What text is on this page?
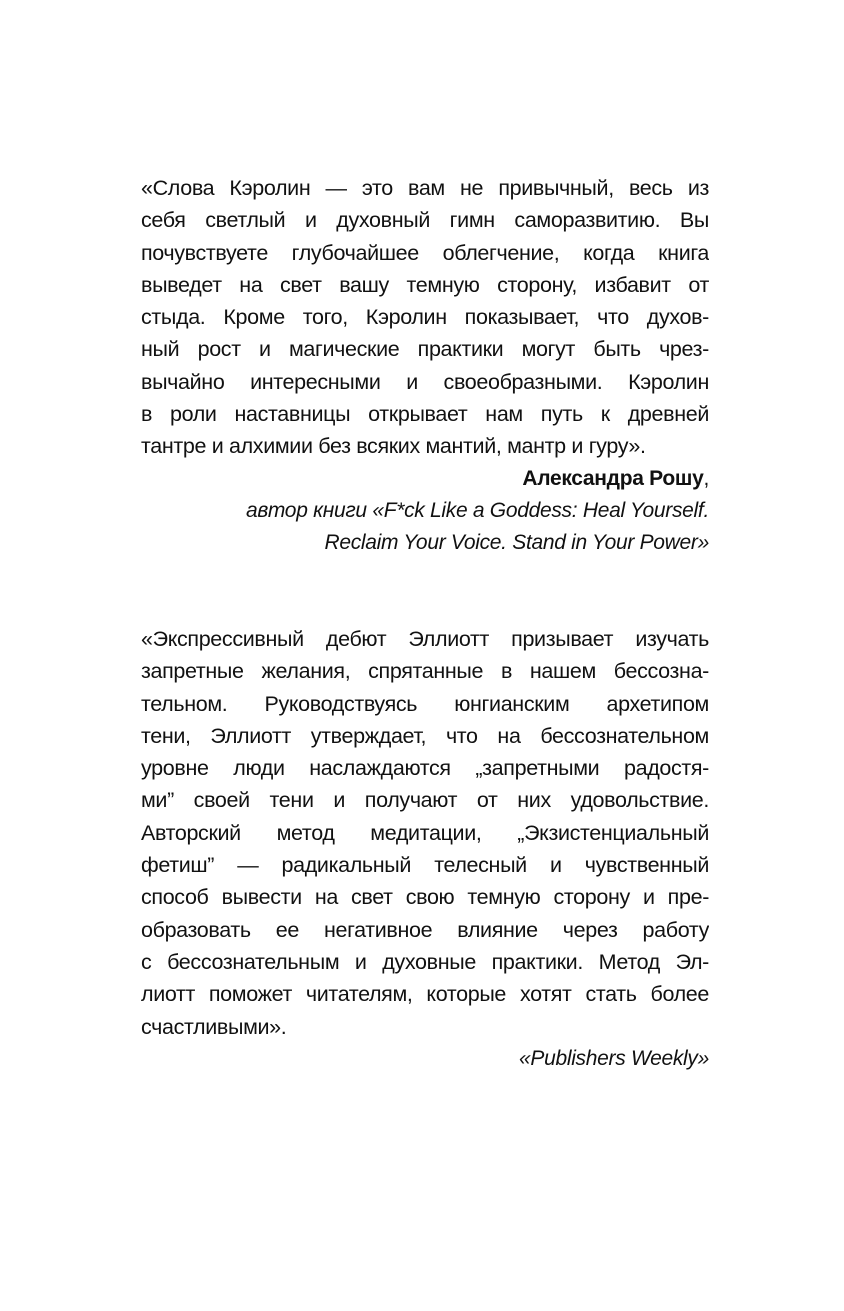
«Слова Кэролин — это вам не привычный, весь из

себя светлый и духовный гимн саморазвитию. Вы

почувствуете глубочайшее облегчение, когда книга

выведет на свет вашу темную сторону, избавит от

стыда. Кроме того, Кэролин показывает, что духов-

ный рост и магические практики могут быть чрез-

вычайно интересными и своеобразными. Кэролин

в роли наставницы открывает нам путь к древней

тантре и алхимии без всяких мантий, мантр и гуру».

Александра Рошу,

автор книги «F*ck Like a Goddess: Heal Yourself.

Reclaim Your Voice. Stand in Your Power»

«Экспрессивный дебют Эллиотт призывает изучать

запретные желания, спрятанные в нашем бессозна-

тельном. Руководствуясь юнгианским архетипом

тени, Эллиотт утверждает, что на бессознательном

уровне люди наслаждаются „запретными радостя-

ми” своей тени и получают от них удовольствие.

Авторский метод медитации, „Экзистенциальный

фетиш” — радикальный телесный и чувственный

способ вывести на свет свою темную сторону и пре-

образовать ее негативное влияние через работу

с бессознательным и духовные практики. Метод Эл-

лиотт поможет читателям, которые хотят стать более

счастливыми».

«Publishers Weekly»
